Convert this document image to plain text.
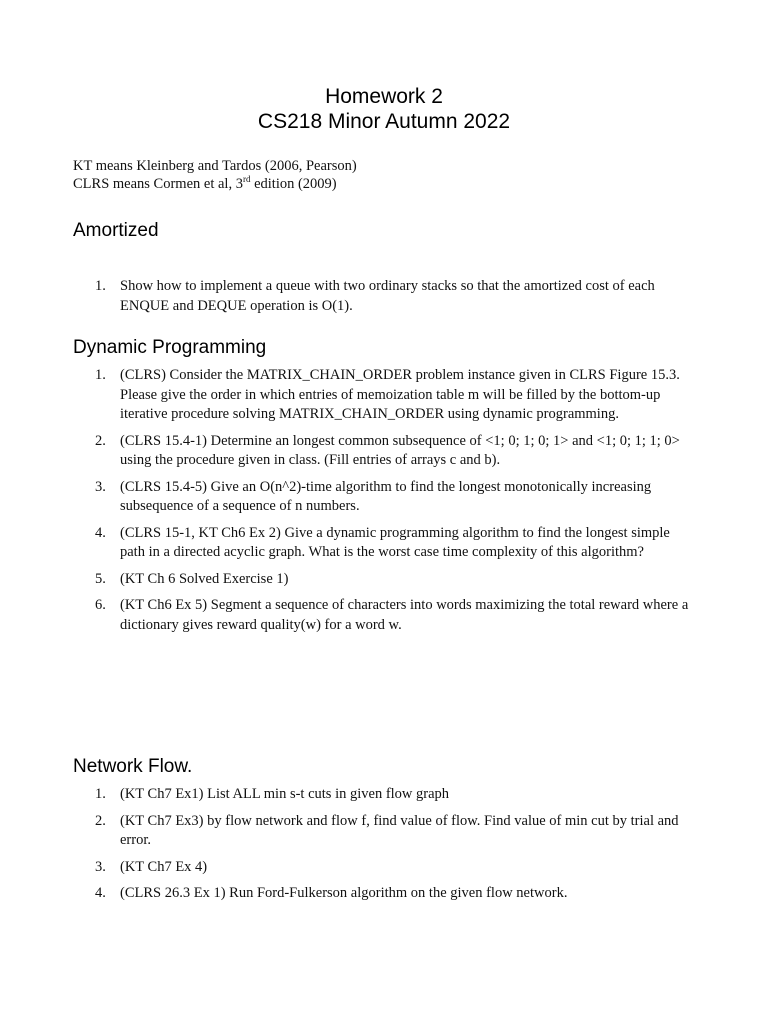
Homework 2
CS218 Minor Autumn 2022
KT means Kleinberg and Tardos (2006, Pearson)
CLRS means Cormen et al, 3rd edition (2009)
Amortized
1. Show how to implement a queue with two ordinary stacks so that the amortized cost of each ENQUE and DEQUE operation is O(1).
Dynamic Programming
1. (CLRS) Consider the MATRIX_CHAIN_ORDER problem instance given in CLRS Figure 15.3. Please give the order in which entries of memoization table m will be filled by the bottom-up iterative procedure solving MATRIX_CHAIN_ORDER using dynamic programming.
2. (CLRS 15.4-1) Determine an longest common subsequence of <1; 0; 1; 0; 1> and <1; 0; 1; 1; 0> using the procedure given in class. (Fill entries of arrays c and b).
3. (CLRS 15.4-5) Give an O(n^2)-time algorithm to find the longest monotonically increasing subsequence of a sequence of n numbers.
4. (CLRS 15-1, KT Ch6 Ex 2) Give a dynamic programming algorithm to find the longest simple path in a directed acyclic graph. What is the worst case time complexity of this algorithm?
5. (KT Ch 6 Solved Exercise 1)
6. (KT Ch6 Ex 5) Segment a sequence of characters into words maximizing the total reward where a dictionary gives reward quality(w) for a word w.
Network Flow.
1. (KT Ch7 Ex1) List ALL min s-t cuts in given flow graph
2. (KT Ch7 Ex3) by flow network and flow f, find value of flow. Find value of min cut by trial and error.
3. (KT Ch7 Ex 4)
4. (CLRS 26.3 Ex 1) Run Ford-Fulkerson algorithm on the given flow network.
